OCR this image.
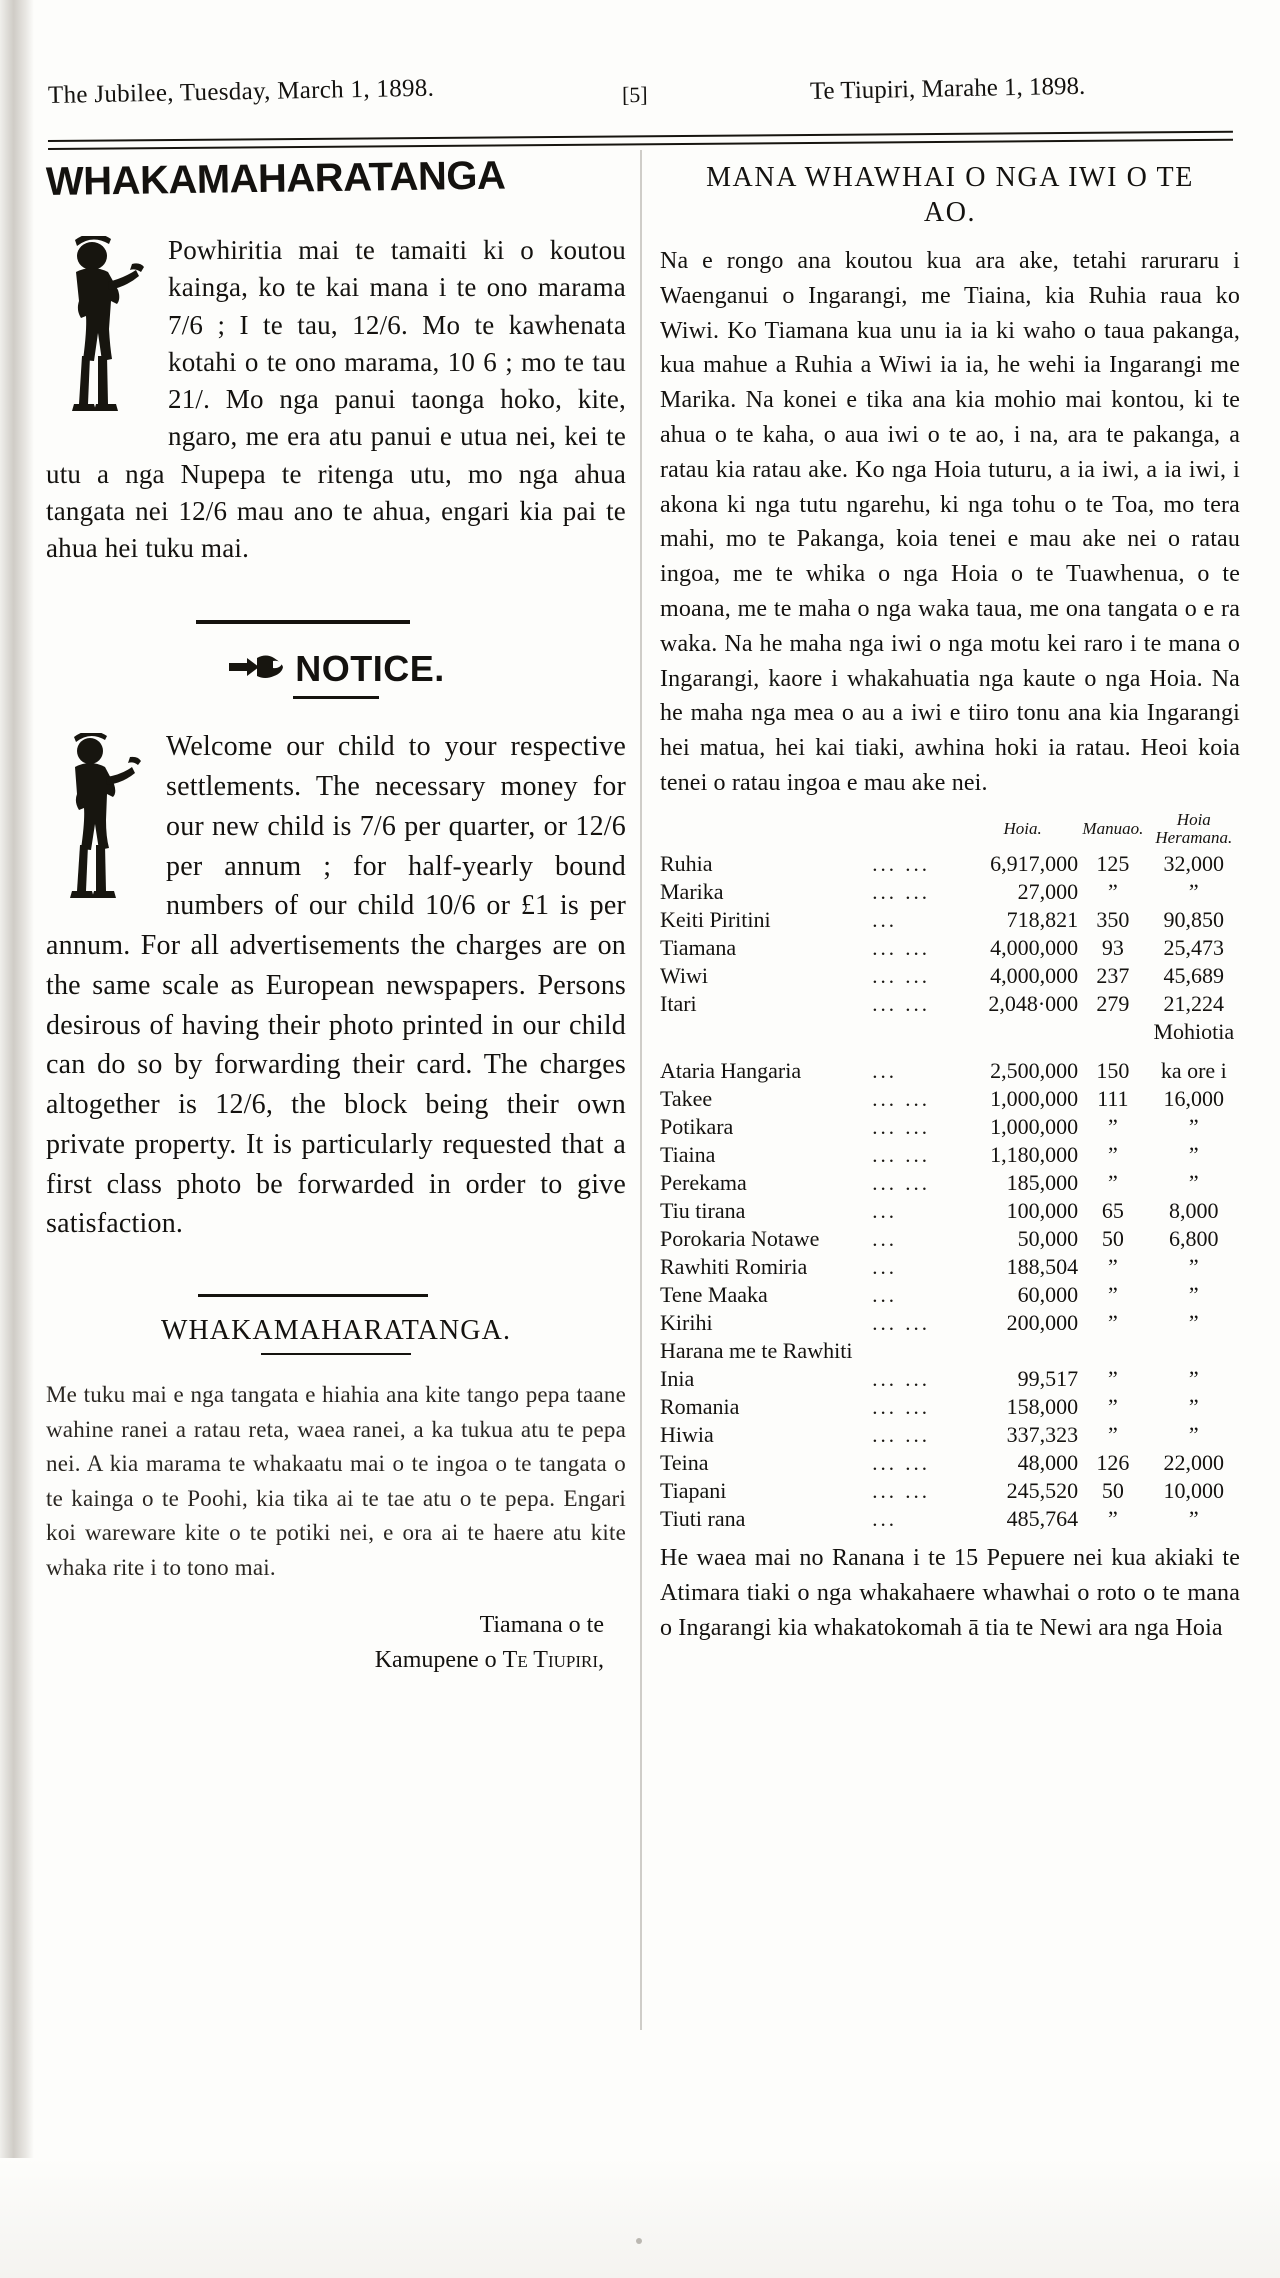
The Jubilee, Tuesday, March 1, 1898.	[5]	Te Tiupiri, Marahe 1, 1898.
WHAKAMAHARATANGA

Powhiritia mai te tamaiti ki o koutou kainga, ko te kai mana i te ono marama 7/6 ; I te tau, 12/6. Mo te kawhenata kotahi o te ono marama, 10 6 ; mo te tau 21/. Mo nga panui taonga hoko, kite, ngaro, me era atu panui e utua nei, kei te utu a nga Nupepa te ritenga utu, mo nga ahua tangata nei 12/6 mau ano te ahua, engari kia pai te ahua hei tuku mai.

NOTICE.

Welcome our child to your respective settlements. The necessary money for our new child is 7/6 per quarter, or 12/6 per annum ; for half-yearly bound numbers of our child 10/6 or £1 is per annum. For all advertisements the charges are on the same scale as European newspapers. Persons desirous of having their photo printed in our child can do so by forwarding their card. The charges altogether is 12/6, the block being their own private property. It is particularly requested that a first class photo be forwarded in order to give satisfaction.

WHAKAMAHARATANGA.

Me tuku mai e nga tangata e hiahia ana kite tango pepa taane wahine ranei a ratau reta, waea ranei, a ka tukua atu te pepa nei. A kia marama te whakaatu mai o te ingoa o te tangata o te kainga o te Poohi, kia tika ai te tae atu o te pepa. Engari koi wareware kite o te potiki nei, e ora ai te haere atu kite whaka rite i to tono mai.

Tiamana o te
Kamupene o Te Tiupiri,
MANA WHAWHAI O NGA IWI O TE
AO.

Na e rongo ana koutou kua ara ake, tetahi raruraru i Waenganui o Ingarangi, me Tiaina, kia Ruhia raua ko Wiwi. Ko Tiamana kua unu ia ia ki waho o taua pakanga, kua mahue a Ruhia a Wiwi ia ia, he wehi ia Ingarangi me Marika. Na konei e tika ana kia mohio mai kontou, ki te ahua o te kaha, o aua iwi o te ao, i na, ara te pakanga, a ratau kia ratau ake. Ko nga Hoia tuturu, a ia iwi, a ia iwi, i akona ki nga tutu ngarehu, ki nga tohu o te Toa, mo tera mahi, mo te Pakanga, koia tenei e mau ake nei o ratau ingoa, me te whika o nga Hoia o te Tuawhenua, o te moana, me te maha o nga waka taua, me ona tangata o e ra waka. Na he maha nga iwi o nga motu kei raro i te mana o Ingarangi, kaore i whakahuatia nga kaute o nga Hoia. Na he maha nga mea o au a iwi e tiiro tonu ana kia Ingarangi hei matua, hei kai tiaki, awhina hoki ia ratau. Heoi koia tenei o ratau ingoa e mau ake nei.

		Hoia.	Manuao.	Hoia Heramana.
Ruhia	... ...	6,917,000	125	32,000
Marika	... ...	27,000	”	”
Keiti Piritini	...	718,821	350	90,850
Tiamana	... ...	4,000,000	93	25,473
Wiwi	... ...	4,000,000	237	45,689
Itari	... ...	2,048·000	279	21,224
				Mohiotia
Ataria Hangaria	...	2,500,000	150	ka ore i
Takee	... ...	1,000,000	111	16,000
Potikara	... ...	1,000,000	”	”
Tiaina	... ...	1,180,000	”	”
Perekama	... ...	185,000	”	”
Tiu tirana	...	100,000	65	8,000
Porokaria Notawe	...	50,000	50	6,800
Rawhiti Romiria	...	188,504	”	”
Tene Maaka	...	60,000	”	”
Kirihi	... ...	200,000	”	”
Harana me te Rawhiti				
Inia	... ...	99,517	”	”
Romania	... ...	158,000	”	”
Hiwia	... ...	337,323	”	”
Teina	... ...	48,000	126	22,000
Tiapani	... ...	245,520	50	10,000
Tiuti rana	...	485,764	”	”

He waea mai no Ranana i te 15 Pepuere nei kua akiaki te Atimara tiaki o nga whakahaere whawhai o roto o te mana o Ingarangi kia whakatokomah ā tia te Newi ara nga Hoia
